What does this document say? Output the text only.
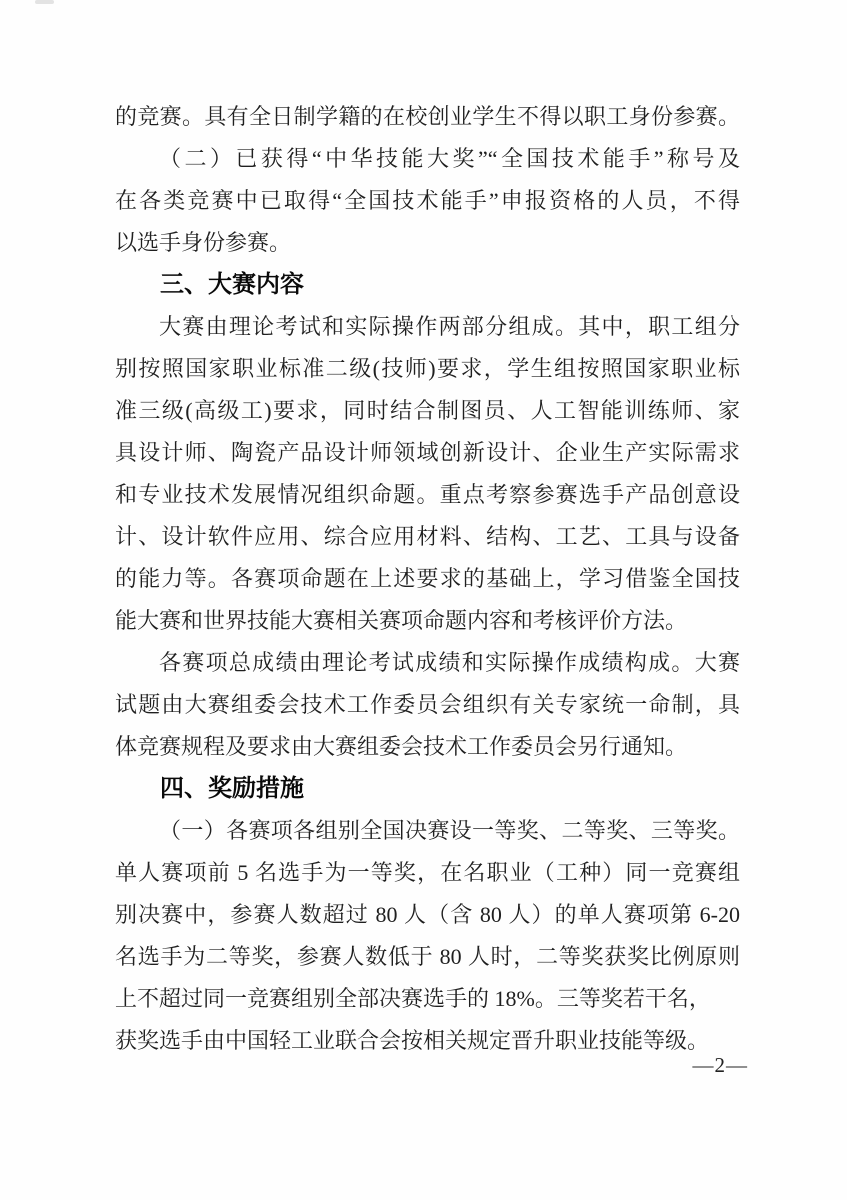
的竞赛。具有全日制学籍的在校创业学生不得以职工身份参赛。
（二）已获得“中华技能大奖”“全国技术能手”称号及
在各类竞赛中已取得“全国技术能手”申报资格的人员，不得
以选手身份参赛。
三、大赛内容
大赛由理论考试和实际操作两部分组成。其中，职工组分
别按照国家职业标准二级(技师)要求，学生组按照国家职业标
准三级(高级工)要求，同时结合制图员、人工智能训练师、家
具设计师、陶瓷产品设计师领域创新设计、企业生产实际需求
和专业技术发展情况组织命题。重点考察参赛选手产品创意设
计、设计软件应用、综合应用材料、结构、工艺、工具与设备
的能力等。各赛项命题在上述要求的基础上，学习借鉴全国技
能大赛和世界技能大赛相关赛项命题内容和考核评价方法。
各赛项总成绩由理论考试成绩和实际操作成绩构成。大赛
试题由大赛组委会技术工作委员会组织有关专家统一命制，具
体竞赛规程及要求由大赛组委会技术工作委员会另行通知。
四、奖励措施
（一）各赛项各组别全国决赛设一等奖、二等奖、三等奖。
单人赛项前 5 名选手为一等奖，在名职业（工种）同一竞赛组
别决赛中，参赛人数超过 80 人（含 80 人）的单人赛项第 6-20
名选手为二等奖，参赛人数低于 80 人时，二等奖获奖比例原则
上不超过同一竞赛组别全部决赛选手的 18%。三等奖若干名，
获奖选手由中国轻工业联合会按相关规定晋升职业技能等级。
—2—
